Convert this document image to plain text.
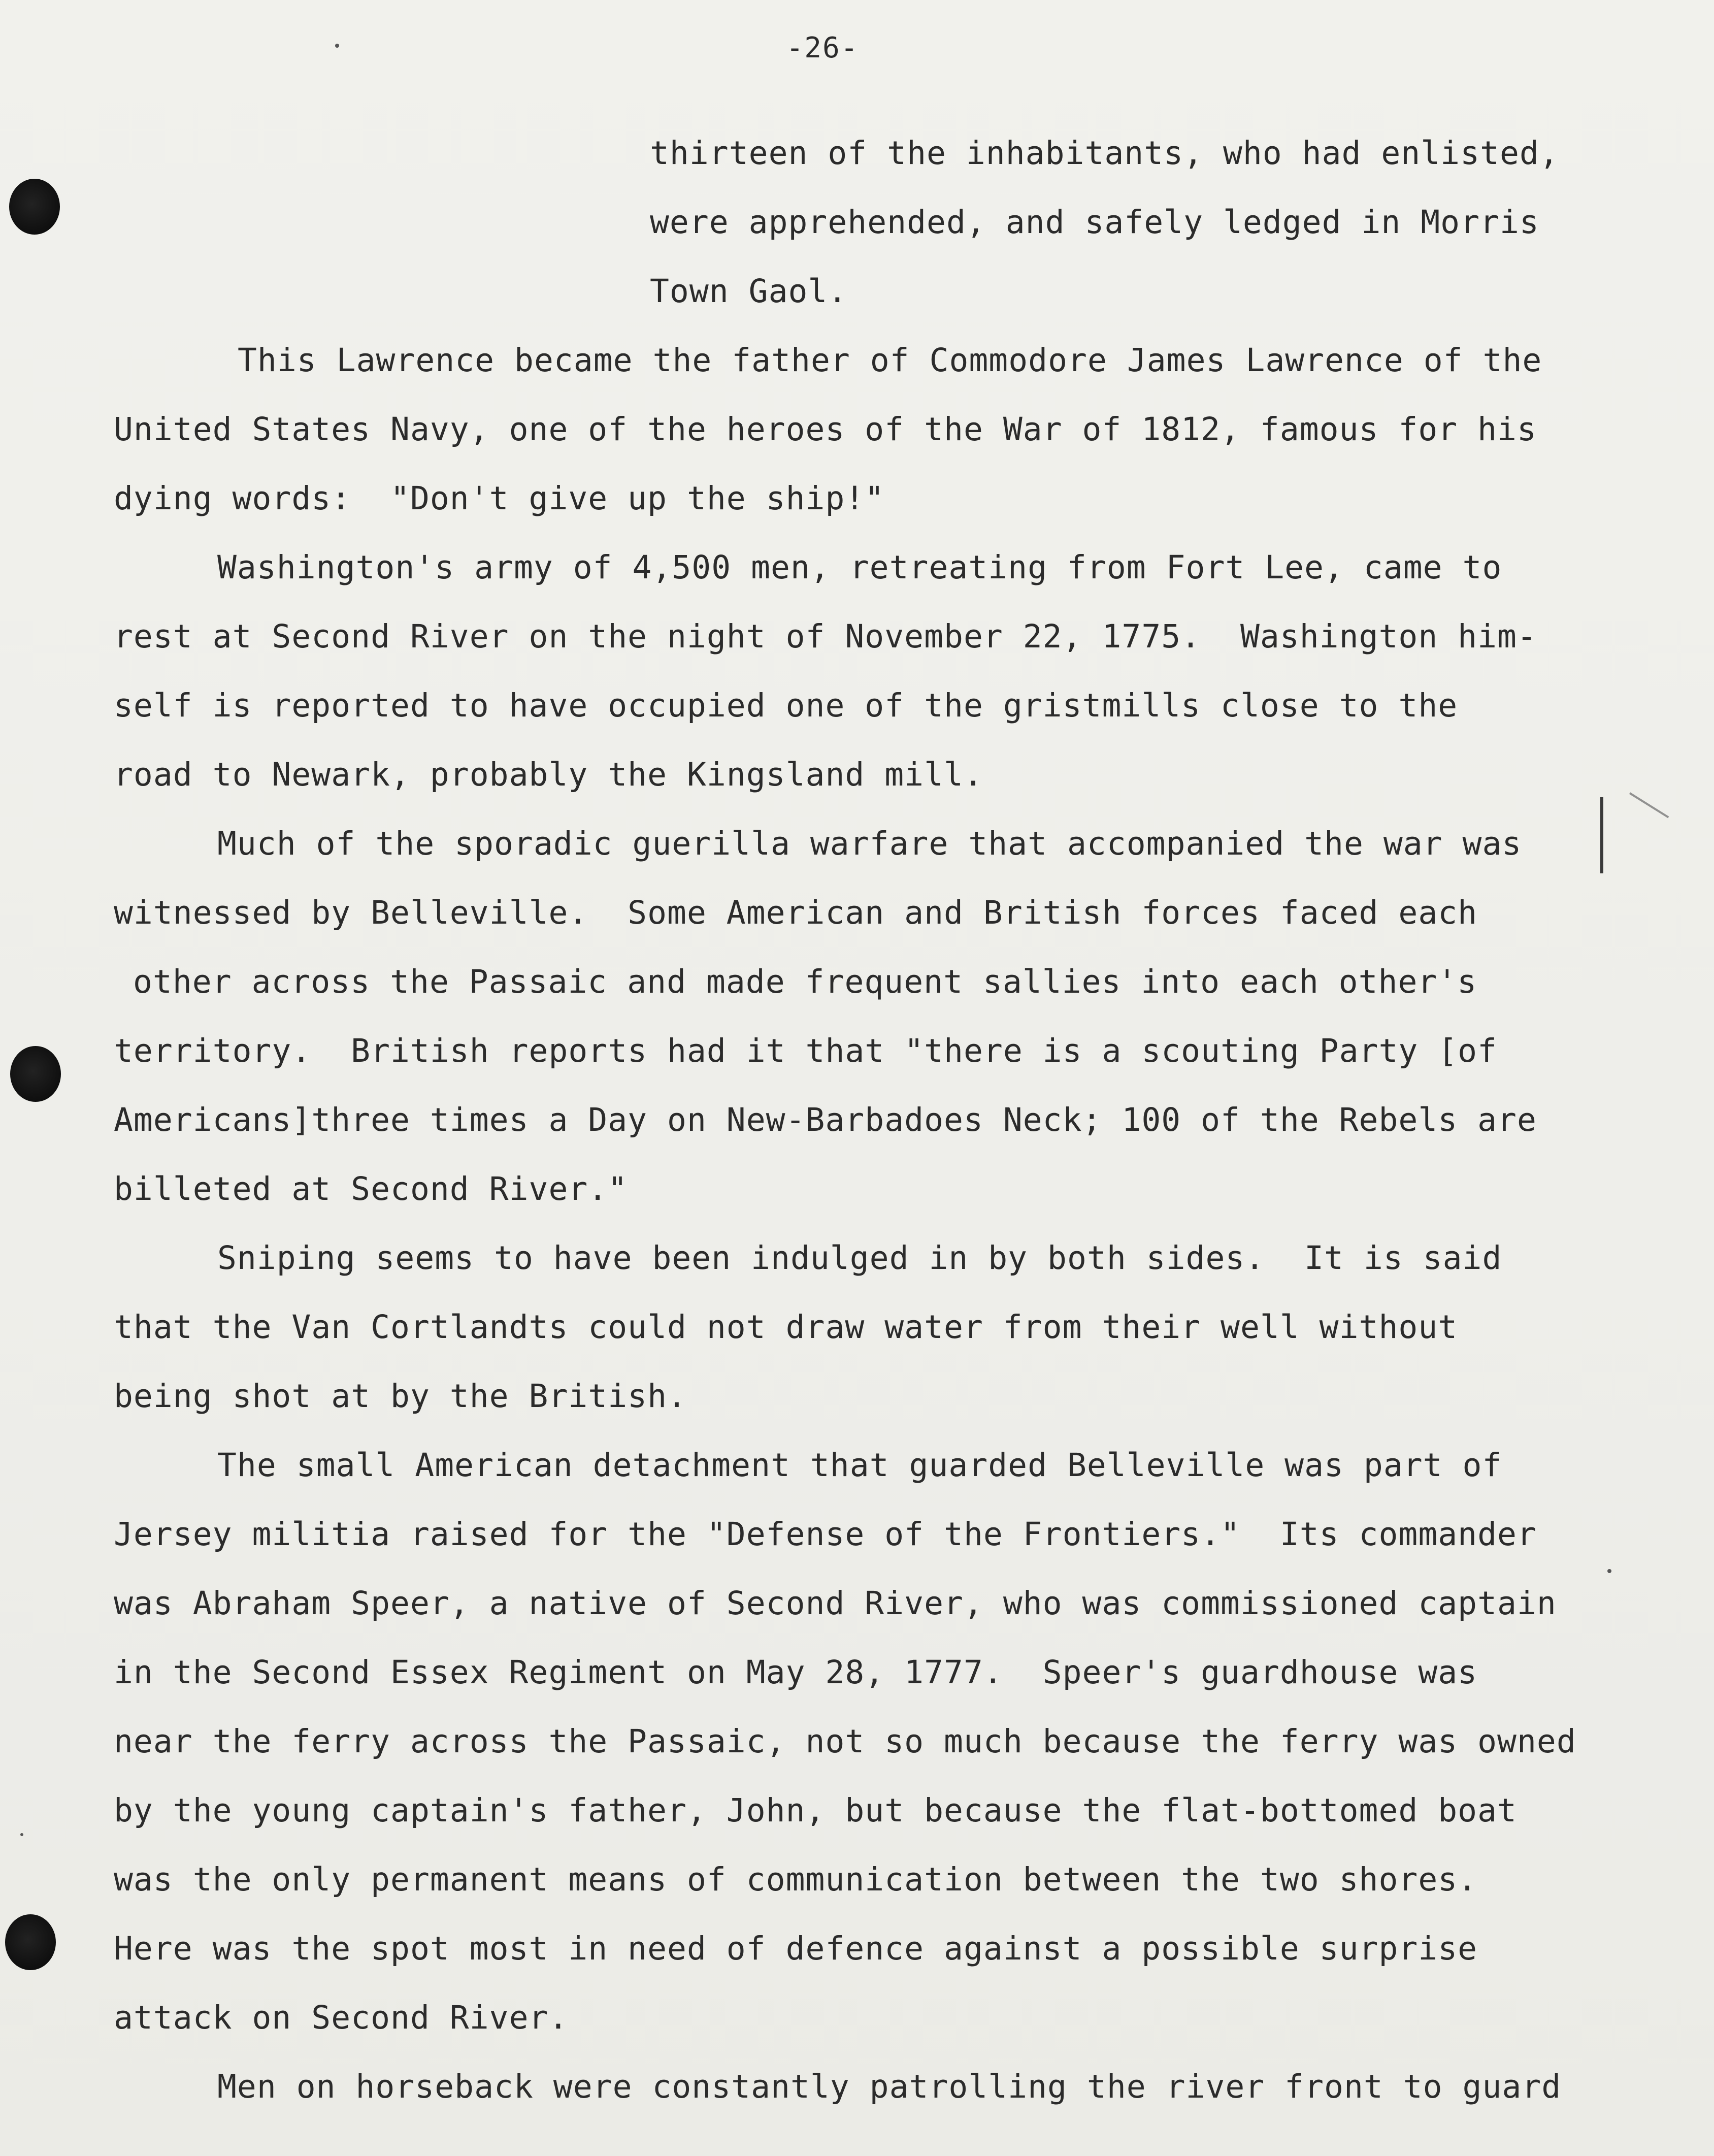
-26-
thirteen of the inhabitants, who had enlisted,
were apprehended, and safely ledged in Morris
Town Gaol.
This Lawrence became the father of Commodore James Lawrence of the
United States Navy, one of the heroes of the War of 1812, famous for his
dying words:  "Don't give up the ship!"
Washington's army of 4,500 men, retreating from Fort Lee, came to
rest at Second River on the night of November 22, 1775.  Washington him-
self is reported to have occupied one of the gristmills close to the
road to Newark, probably the Kingsland mill.
Much of the sporadic guerilla warfare that accompanied the war was
witnessed by Belleville.  Some American and British forces faced each
other across the Passaic and made frequent sallies into each other's
territory.  British reports had it that "there is a scouting Party [of
Americans]three times a Day on New-Barbadoes Neck; 100 of the Rebels are
billeted at Second River."
Sniping seems to have been indulged in by both sides.  It is said
that the Van Cortlandts could not draw water from their well without
being shot at by the British.
The small American detachment that guarded Belleville was part of
Jersey militia raised for the "Defense of the Frontiers."  Its commander
was Abraham Speer, a native of Second River, who was commissioned captain
in the Second Essex Regiment on May 28, 1777.  Speer's guardhouse was
near the ferry across the Passaic, not so much because the ferry was owned
by the young captain's father, John, but because the flat-bottomed boat
was the only permanent means of communication between the two shores.
Here was the spot most in need of defence against a possible surprise
attack on Second River.
Men on horseback were constantly patrolling the river front to guard
